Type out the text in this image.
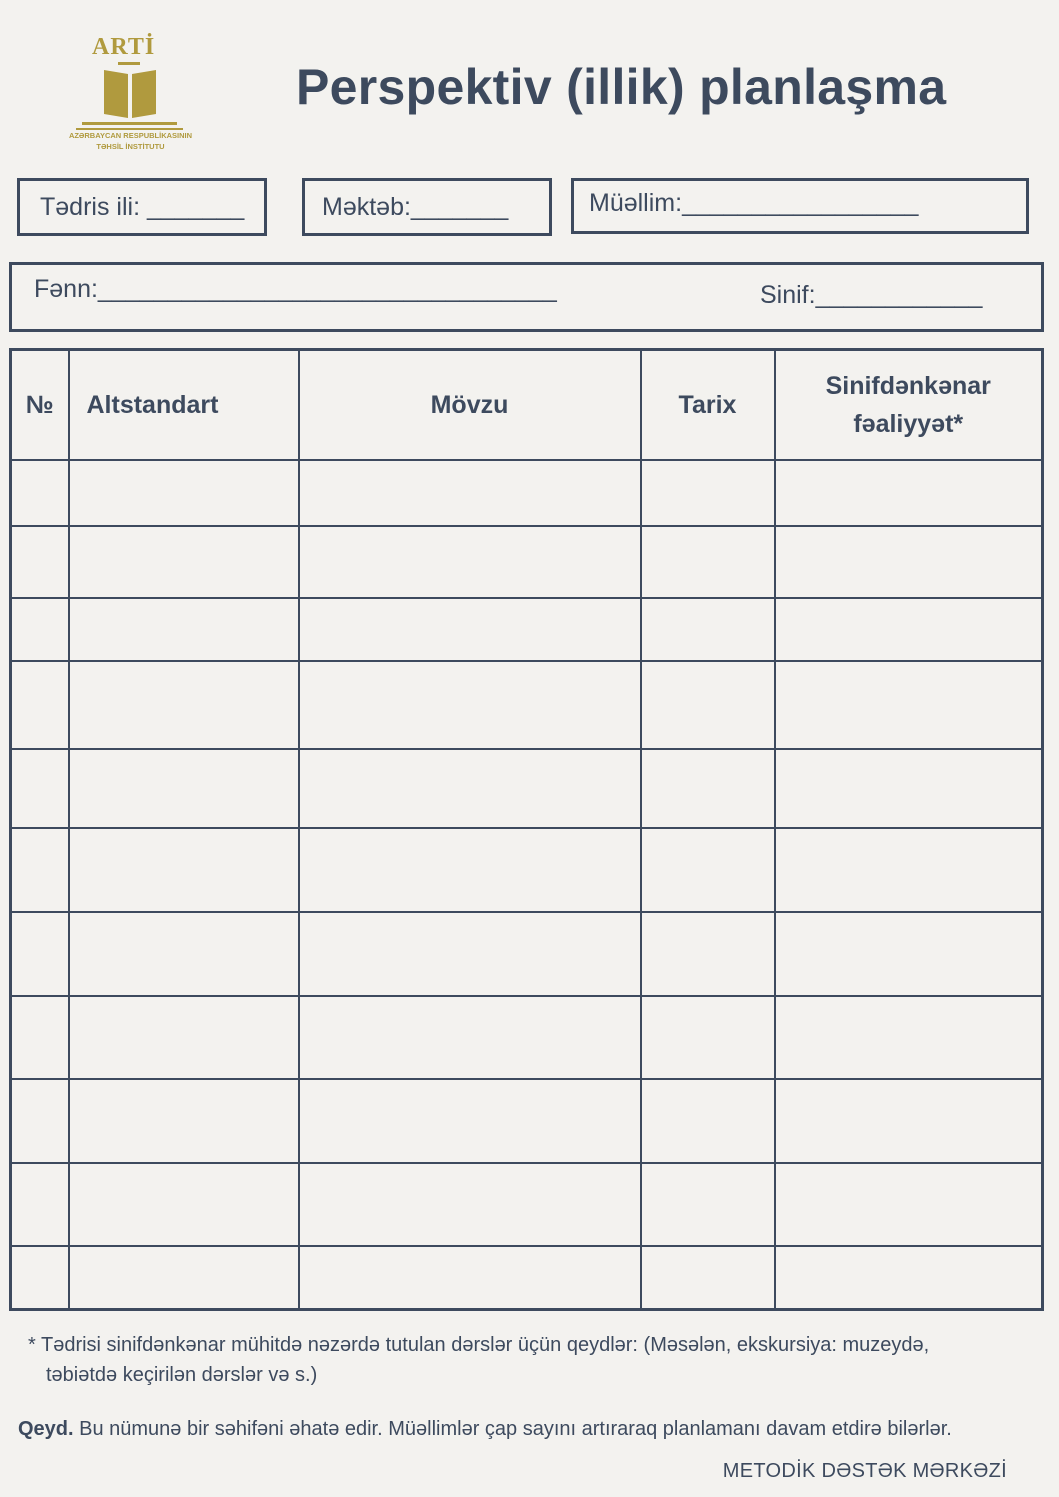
ARTİ
AZƏRBAYCAN RESPUBLİKASININ
TƏHSİL İNSTİTUTU
Perspektiv (illik) planlaşma
Tədris ili: _______	Məktəb:_______	Müəllim:_________________
Fənn:_________________________________	Sinif:____________
№	Altstandart	Mövzu	Tarix	Sinifdənkənar
fəaliyyət*

* Tədrisi sinifdənkənar mühitdə nəzərdə tutulan dərslər üçün qeydlər: (Məsələn, ekskursiya: muzeydə,
təbiətdə keçirilən dərslər və s.)
Qeyd. Bu nümunə bir səhifəni əhatə edir. Müəllimlər çap sayını artıraraq planlamanı davam etdirə bilərlər.
METODİK DƏSTƏK MƏRKƏZİ
